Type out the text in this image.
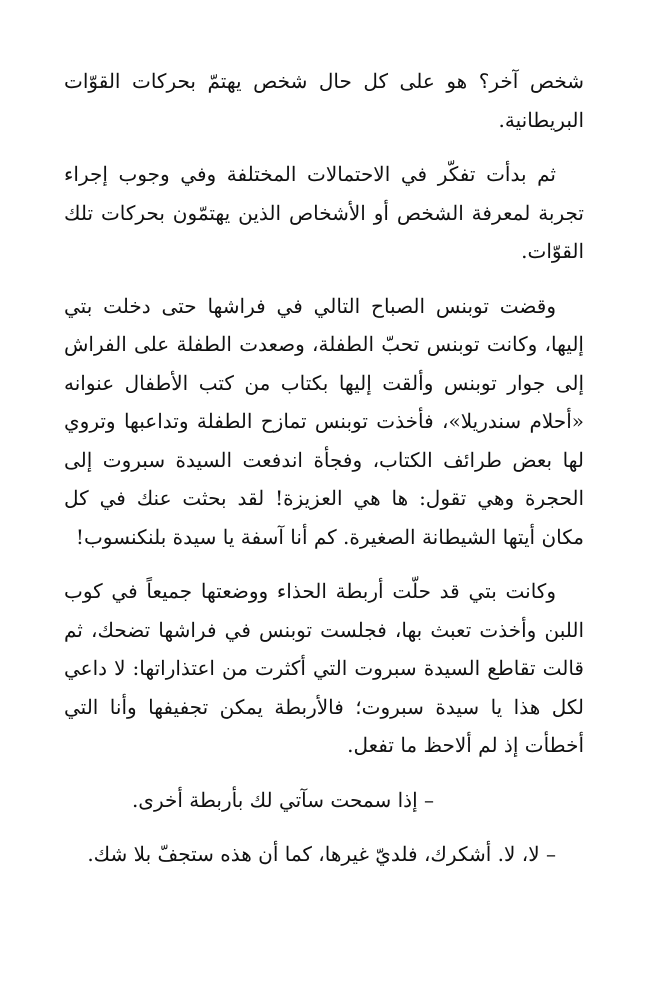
شخص آخر؟ هو على كل حال شخص يهتمّ بحركات القوّات البريطانية.

ثم بدأت تفكّر في الاحتمالات المختلفة وفي وجوب إجراء تجربة لمعرفة الشخص أو الأشخاص الذين يهتمّون بحركات تلك القوّات.

وقضت توبنس الصباح التالي في فراشها حتى دخلت بتي إليها، وكانت توبنس تحبّ الطفلة، وصعدت الطفلة على الفراش إلى جوار توبنس وألقت إليها بكتاب من كتب الأطفال عنوانه «أحلام سندريلا»، فأخذت توبنس تمازح الطفلة وتداعبها وتروي لها بعض طرائف الكتاب، وفجأة اندفعت السيدة سبروت إلى الحجرة وهي تقول: ها هي العزيزة! لقد بحثت عنك في كل مكان أيتها الشيطانة الصغيرة. كم أنا آسفة يا سيدة بلنكنسوب!

وكانت بتي قد حلّت أربطة الحذاء ووضعتها جميعاً في كوب اللبن وأخذت تعبث بها، فجلست توبنس في فراشها تضحك، ثم قالت تقاطع السيدة سبروت التي أكثرت من اعتذاراتها: لا داعي لكل هذا يا سيدة سبروت؛ فالأربطة يمكن تجفيفها وأنا التي أخطأت إذ لم ألاحظ ما تفعل.

– إذا سمحت سآتي لك بأربطة أخرى.

– لا، لا. أشكرك، فلديّ غيرها، كما أن هذه ستجفّ بلا شك.
